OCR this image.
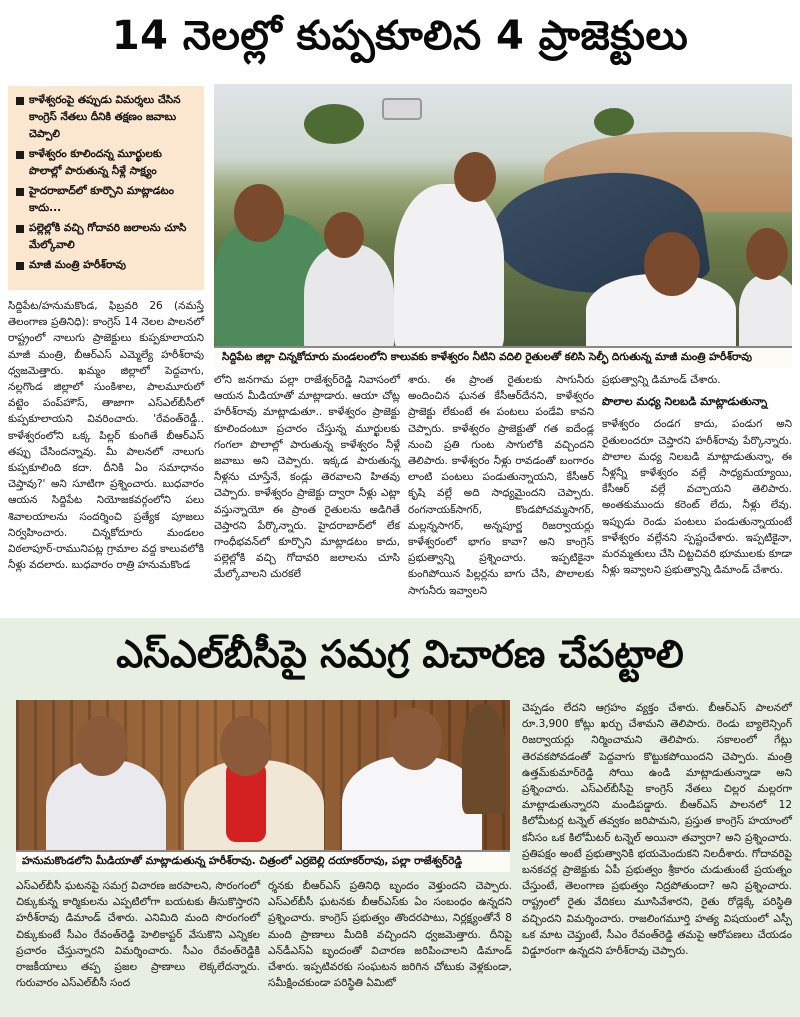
14 నెలల్లో కుప్పకూలిన 4 ప్రాజెక్టులు
కాళేశ్వరంపై తప్పుడు విమర్శలు చేసిన కాంగ్రెస్ నేతలు దీనికి తక్షణం జవాబు చెప్పాలి
కాళేశ్వరం కూలిందన్న మూర్ఖులకు పొలాల్లో పారుతున్న నీళ్లే సాక్ష్యం
హైదరాబాద్‌లో కూర్చొని మాట్లాడటం కాదు...
పల్లెల్లోకి వచ్చి గోదావరి జలాలను చూసి మేల్కోవాలి
మాజీ మంత్రి హరీశ్‌రావు
సిద్దిపేట జిల్లా చిన్నకోదూరు మండలంలోని కాలువకు కాళేశ్వరం నీటిని వదిలి రైతులతో కలిసి సెల్ఫీ దిగుతున్న మాజీ మంత్రి హరీశ్‌రావు
సిద్దిపేట/హనుమకొండ, ఫిబ్రవరి 26 (నమస్తే తెలంగాణ ప్రతినిధి): కాంగ్రెస్ 14 నెలల పాలనలో రాష్ట్రంలో నాలుగు ప్రాజెక్టులు కుప్పకూలాయని మాజీ మంత్రి, బీఆర్ఎస్ ఎమ్మెల్యే హరీశ్‌రావు ధ్వజమెత్తారు. ఖమ్మం జిల్లాలో పెద్దవాగు, నల్లగొండ జిల్లాలో సుంకిశాల, పాలమూరులో వట్టెం పంప్‌హౌస్, తాజాగా ఎస్ఎల్‌బీసీలో కుప్పకూలాయని వివరించారు. 'రేవంత్‌రెడ్డీ.. కాళేశ్వరంలోని ఒక్క పిల్లర్ కుంగితే బీఆర్ఎస్ తప్పు చేసిందన్నావు. మీ పాలనలో నాలుగు కుప్పకూలింది కదా. దీనికి ఏం సమాధానం చెప్తావు?' అని సూటిగా ప్రశ్నించారు. బుధవారం ఆయన సిద్దిపేట నియోజకవర్గంలోని పలు శివాలయాలను సందర్శించి ప్రత్యేక పూజలు నిర్వహించారు. చిన్నకోదూరు మండలం విఠలాపూర్-రామునిపట్ల గ్రామాల వద్ద కాలువలోకి నీళ్లు వదలారు. బుధవారం రాత్రి హనుమకొండ
లోని జనగామ పల్లా రాజేశ్వర్‌రెడ్డి నివాసంలో ఆయన మీడియాతో మాట్లాడారు. ఆయా చోట్ల హరీశ్‌రావు మాట్లాడుతూ.. కాళేశ్వరం ప్రాజెక్టు కూలిందంటూ ప్రచారం చేస్తున్న మూర్ఖులకు గంగలా పొలాల్లో పారుతున్న కాళేశ్వరం నీళ్లే జవాబు అని చెప్పారు. ఇక్కడ పారుతున్న నీళ్లను చూస్తేనే, కండ్లు తెరవాలని హితవు చెప్పారు. కాళేశ్వరం ప్రాజెక్టు ద్వారా నీళ్లు ఎట్లా వస్తున్నాయో ఈ ప్రాంత రైతులను అడిగితే చెప్తారని పేర్కొన్నారు. హైదరాబాద్‌లో లేక గాంధీభవన్‌లో కూర్చొని మాట్లాడటం కాదు, పల్లెల్లోకి వచ్చి గోదావరి జలాలను చూసి మేల్కోవాలని చురకలే
శారు. ఈ ప్రాంత రైతులకు సాగునీరు అందించిన ఘనత కేసీఆర్‌దేనని, కాళేశ్వరం ప్రాజెక్టు లేకుంటే ఈ పంటలు పండేవి కావని చెప్పారు. కాళేశ్వరం ప్రాజెక్టుతో గత ఐదేండ్ల నుంచి ప్రతి గుంట సాగులోకి వచ్చిందని తెలిపారు. కాళేశ్వరం నీళ్లు రావడంతో బంగారం లాంటి పంటలు పండుతున్నాయని, కేసీఆర్ కృషి వల్లే అది సాధ్యమైందని చెప్పారు. రంగనాయక్‌సాగర్, కొండపోచమ్మసాగర్, మల్లన్నసాగర్, అన్నపూర్ణ రిజర్వాయర్లు కాళేశ్వరంలో భాగం కావా? అని కాంగ్రెస్ ప్రభుత్వాన్ని ప్రశ్నించారు. ఇప్పటికైనా కుంగిపోయిన పిల్లర్లను బాగు చేసి, పొలాలకు సాగునీరు ఇవ్వాలని
ప్రభుత్వాన్ని డిమాండ్ చేశారు.
పొలాల మధ్య నిలబడి మాట్లాడుతున్నా
కాళేశ్వరం దండగ కాదు, పండుగ అని రైతులందరూ చెప్తారని హరీశ్‌రావు పేర్కొన్నారు. పొలాల మధ్య నిలబడి మాట్లాడుతున్నా, ఈ నీళ్లన్నీ కాళేశ్వరం వల్లే సాధ్యమయ్యాయి, కేసీఆర్ వల్లే వచ్చాయని తెలిపారు. అంతకుముందు కరెంట్ లేదు, నీళ్లు లేవు. ఇప్పుడు రెండు పంటలు పండుతున్నాయంటే కాళేశ్వరం వల్లేనని స్పష్టంచేశారు. ఇప్పటికైనా, మరమ్మతులు చేసి చిట్టచివరి భూములకు కూడా నీళ్లు ఇవ్వాలని ప్రభుత్వాన్ని డిమాండ్ చేశారు.
ఎస్ఎల్‌బీసీపై సమగ్ర విచారణ చేపట్టాలి
హనుమకొండలోని మీడియాతో మాట్లాడుతున్న హరీశ్‌రావు. చిత్రంలో ఎర్రబెల్లి దయాకర్‌రావు, పల్లా రాజేశ్వర్‌రెడ్డి
చెప్పడం లేదని ఆగ్రహం వ్యక్తం చేశారు. బీఆర్ఎస్ పాలనలో రూ.3,900 కోట్లు ఖర్చు చేశామని తెలిపారు. రెండు బ్యాలెన్సింగ్ రిజర్వాయర్లు నిర్మించామని తెలిపారు. సకాలంలో గేట్లు తెరవకపోవడంతో పెద్దవాగు కొట్టుకపోయిందని చెప్పారు. మంత్రి ఉత్తమ్‌కుమార్‌రెడ్డి సోయి ఉండి మాట్లాడుతున్నాడా అని ప్రశ్నించారు. ఎస్ఎల్‌బీసీపై కాంగ్రెస్ నేతలు చిల్లర మల్లరగా మాట్లాడుతున్నారని మండిపడ్డారు. బీఆర్ఎస్ పాలనలో 12 కిలోమీటర్ల టన్నెల్ తవ్వకం జరిపామని, ప్రస్తుత కాంగ్రెస్ హయాంలో కనీసం ఒక కిలోమీటర్ టన్నెల్ అయినా తవ్వారా? అని ప్రశ్నించారు. ప్రతిపక్షం అంటే ప్రభుత్వానికి భయమెందుకని నిలదీశారు. గోదావరిపై బనకచర్ల ప్రాజెక్టుకు ఏపీ ప్రభుత్వం శ్రీకారం చుడుతుంటే ప్రయత్నం చేస్తుంటే, తెలంగాణ ప్రభుత్వం నిద్రపోతుందా? అని ప్రశ్నించారు. రాష్ట్రంలో రైతు వేదికలు మూసివేశారని, రైతు రోడ్లెక్కే పరిస్థితి వచ్చిందని విమర్శించారు. రాజలింగమూర్తి హత్య విషయంలో ఎస్పీ ఒక మాట చెప్తుంటే, సీఎం రేవంత్‌రెడ్డి తమపై ఆరోపణలు చేయడం విడ్డూరంగా ఉన్నదని హరీశ్‌రావు చెప్పారు.
ఎస్ఎల్‌బీసీ ఘటనపై సమగ్ర విచారణ జరపాలని, సొరంగంలో చిక్కుకున్న కార్మికులను ఎప్పటిలోగా బయటకు తీసుకొస్తారని హరీశ్‌రావు డిమాండ్ చేశారు. ఎనిమిది మంది సొరంగంలో చిక్కుకుంటే సీఎం రేవంత్‌రెడ్డి హెలికాప్టర్ వేసుకొని ఎన్నికల ప్రచారం చేస్తున్నారని విమర్శించారు. సీఎం రేవంత్‌రెడ్డికి రాజకీయాలు తప్ప ప్రజల ప్రాణాలు లెక్కలేదన్నారు. గురువారం ఎస్ఎల్‌బీసీ సంద
ర్శనకు బీఆర్ఎస్ ప్రతినిధి బృందం వెళ్తుందని చెప్పారు. ఎస్ఎల్‌బీసీ ఘటనకు బీఆర్ఎస్‌కు ఏం సంబంధం ఉన్నదని ప్రశ్నించారు. కాంగ్రెస్ ప్రభుత్వం తొందరపాటు, నిర్లక్ష్యంతోనే 8 మంది ప్రాణాలు మీదికి వచ్చిందని ధ్వజమెత్తారు. దీనిపై ఎన్‌డీఎస్‌ఏ బృందంతో విచారణ జరిపించాలని డిమాండ్ చేశారు. ఇప్పటివరకు సంఘటన జరిగిన చోటుకు వెళ్లకుండా, సమీక్షించకుండా పరిస్థితి ఏమిటో
